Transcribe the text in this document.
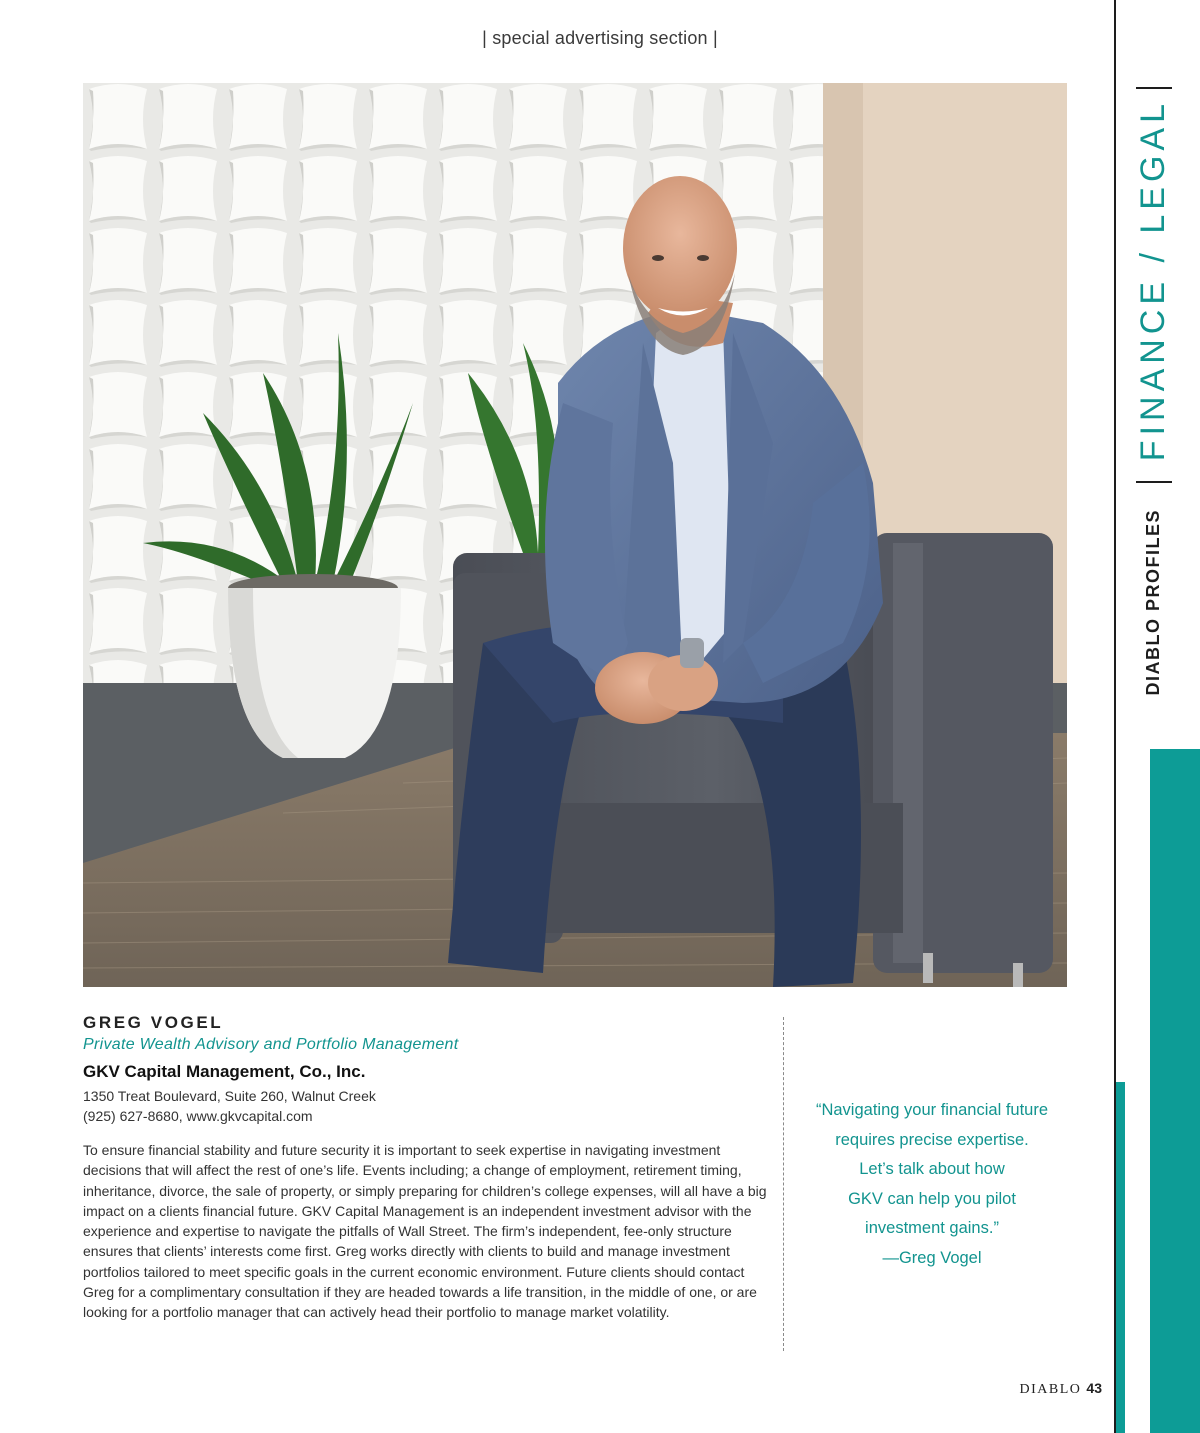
| special advertising section |
FINANCE / LEGAL
DIABLO PROFILES
GREG VOGEL
Private Wealth Advisory and Portfolio Management
GKV Capital Management, Co., Inc.
1350 Treat Boulevard, Suite 260, Walnut Creek
(925) 627-8680, www.gkvcapital.com
To ensure financial stability and future security it is important to seek expertise in navigating investment decisions that will affect the rest of one’s life. Events including; a change of employment, retirement timing, inheritance, divorce, the sale of property, or simply preparing for children’s college expenses, will all have a big impact on a clients financial future. GKV Capital Management is an independent investment advisor with the experience and expertise to navigate the pitfalls of Wall Street. The firm’s independent, fee-only structure ensures that clients’ interests come first. Greg works directly with clients to build and manage investment portfolios tailored to meet specific goals in the current economic environment. Future clients should contact Greg for a complimentary consultation if they are headed towards a life transition, in the middle of one, or are looking for a portfolio manager that can actively head their portfolio to manage market volatility.
“Navigating your financial future
requires precise expertise.
Let’s talk about how
GKV can help you pilot
investment gains.”
—Greg Vogel
DIABLO 43
